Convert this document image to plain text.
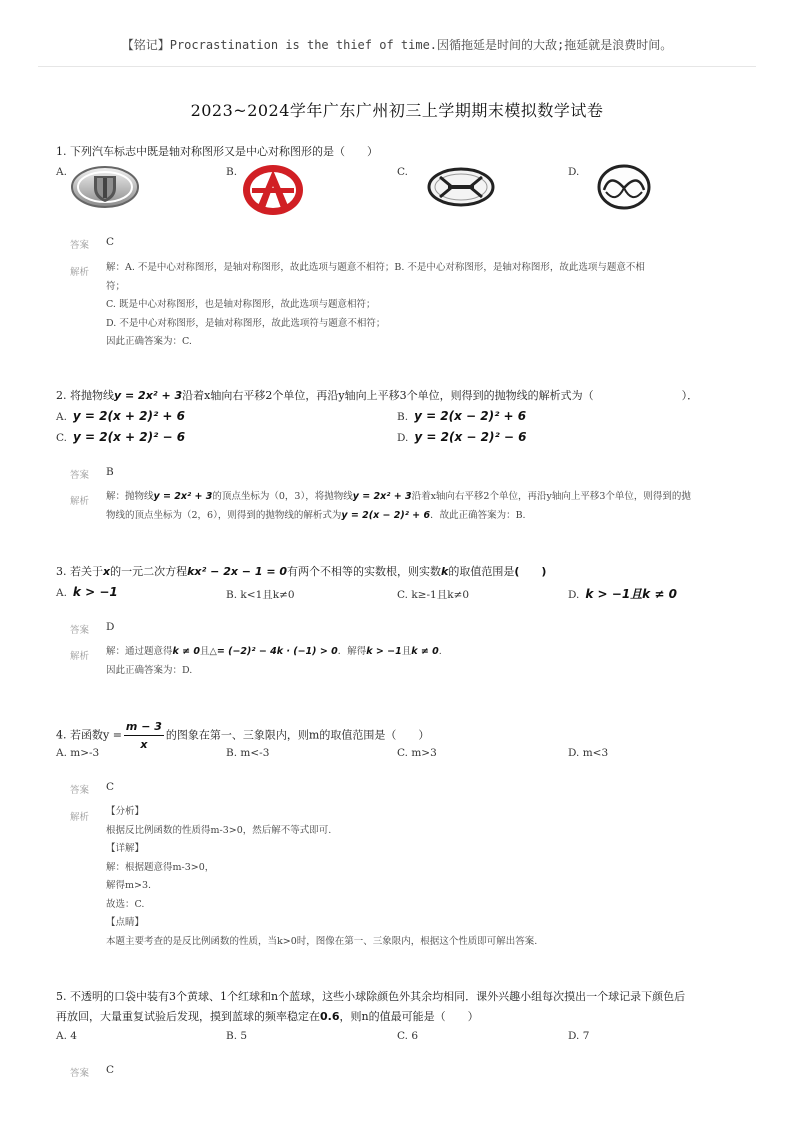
【铭记】Procrastination is the thief of time.因循拖延是时间的大敌;拖延就是浪费时间。
2023~2024学年广东广州初三上学期期末模拟数学试卷
1. 下列汽车标志中既是轴对称图形又是中心对称图形的是（　　）
A.	B.	C.	D.
答案 C
解析 解：A. 不是中心对称图形，是轴对称图形，故此选项与题意不相符；B. 不是中心对称图形，是轴对称图形，故此选项与题意不相
符；
C. 既是中心对称图形，也是轴对称图形，故此选项与题意相符；
D. 不是中心对称图形，是轴对称图形，故此选项符与题意不相符；
因此正确答案为：C.
2. 将抛物线y = 2x² + 3沿着x轴向右平移2个单位，再沿y轴向上平移3个单位，则得到的抛物线的解析式为（　　　　　　　　）．
A. y = 2(x + 2)² + 6	B. y = 2(x − 2)² + 6
C. y = 2(x + 2)² − 6	D. y = 2(x − 2)² − 6
答案 B
解析 解：抛物线y = 2x² + 3的顶点坐标为（0，3），将抛物线y = 2x² + 3沿着x轴向右平移2个单位，再沿y轴向上平移3个单位，则得到的抛
物线的顶点坐标为（2，6），则得到的抛物线的解析式为y = 2(x − 2)² + 6．故此正确答案为：B.
3. 若关于x的一元二次方程kx² − 2x − 1 = 0有两个不相等的实数根，则实数k的取值范围是(　　)
A. k > −1	B. k<1且k≠0	C. k≥-1且k≠0	D. k > −1且k ≠ 0
答案 D
解析 解：通过题意得k ≠ 0且△= (−2)² − 4k · (−1) > 0．解得k > −1且k ≠ 0.
因此正确答案为：D.
4. 若函数$y = \frac{m - 3}{x}$ 的图象在第一、三象限内，则m的取值范围是（　　）
A. m>-3	B. m<-3	C. m>3	D. m<3
答案 C
解析
【分析】
根据反比例函数的性质得m-3>0，然后解不等式即可.
【详解】
解：根据题意得m-3>0，
解得m>3.
故选：C.
【点睛】
本题主要考查的是反比例函数的性质，当k>0时，图像在第一、三象限内，根据这个性质即可解出答案.
5. 不透明的口袋中装有3个黄球、1个红球和n个蓝球，这些小球除颜色外其余均相同．课外兴趣小组每次摸出一个球记录下颜色后
再放回，大量重复试验后发现，摸到蓝球的频率稳定在0.6，则n的值最可能是（　　）
A. 4	B. 5	C. 6	D. 7
答案 C
